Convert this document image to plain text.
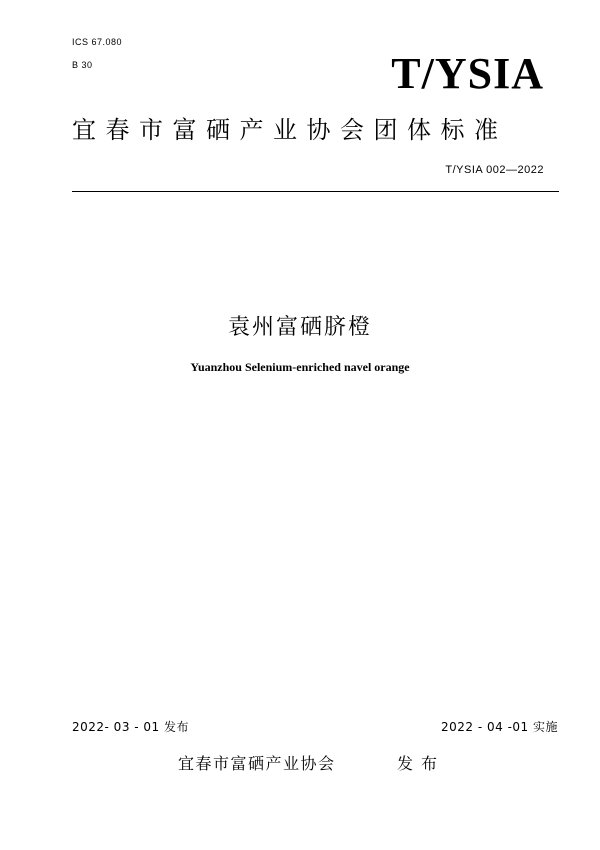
ICS 67.080
B 30	T/YSIA
宜春市富硒产业协会团体标准
T/YSIA 002—2022
袁州富硒脐橙
Yuanzhou Selenium-enriched navel orange
2022- 03 - 01 发布	2022 - 04 -01 实施
宜春市富硒产业协会	发布
